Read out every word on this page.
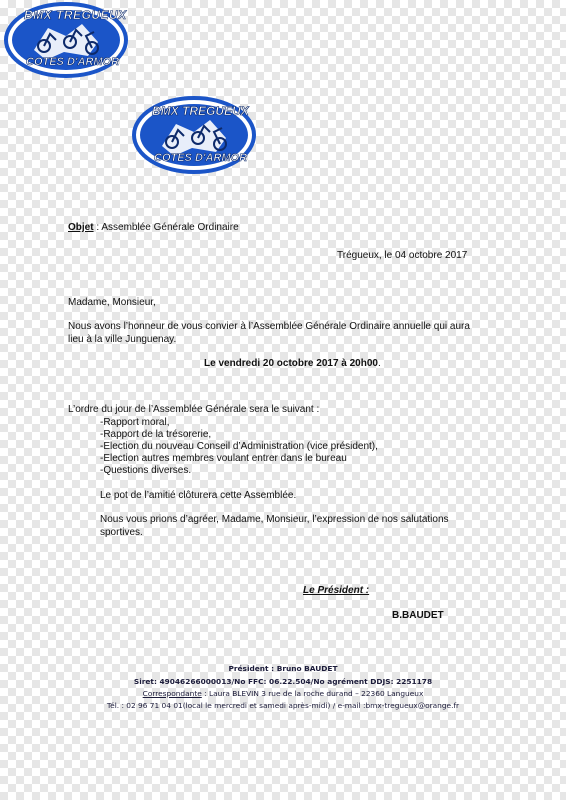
BMX TREGUEUX
COTES D'ARMOR
BMX TREGUEUX
COTES D'ARMOR
Objet : Assemblée Générale Ordinaire
Trégueux, le 04 octobre 2017
Madame, Monsieur,
Nous avons l’honneur de vous convier à l’Assemblée Générale Ordinaire annuelle qui aura
lieu à la ville Junguenay.
Le vendredi 20 octobre 2017 à 20h00.
L’ordre du jour de l’Assemblée Générale sera le suivant :
-Rapport moral,
-Rapport de la trésorerie,
-Election du nouveau Conseil d’Administration (vice président),
-Election autres membres voulant entrer dans le bureau
-Questions diverses.
Le pot de l’amitié clôturera cette Assemblée.
Nous vous prions d’agréer, Madame, Monsieur, l’expression de nos salutations
sportives.
Le Président :
B.BAUDET
Président : Bruno BAUDET
Siret: 49046266000013/No FFC: 06.22.504/No agrément DDJS: 2251178
Correspondante : Laura BLEVIN 3 rue de la roche durand – 22360 Langueux
Tél. : 02 96 71 04 01(local le mercredi et samedi après-midi) / e-mail :bmx-tregueux@orange.fr
